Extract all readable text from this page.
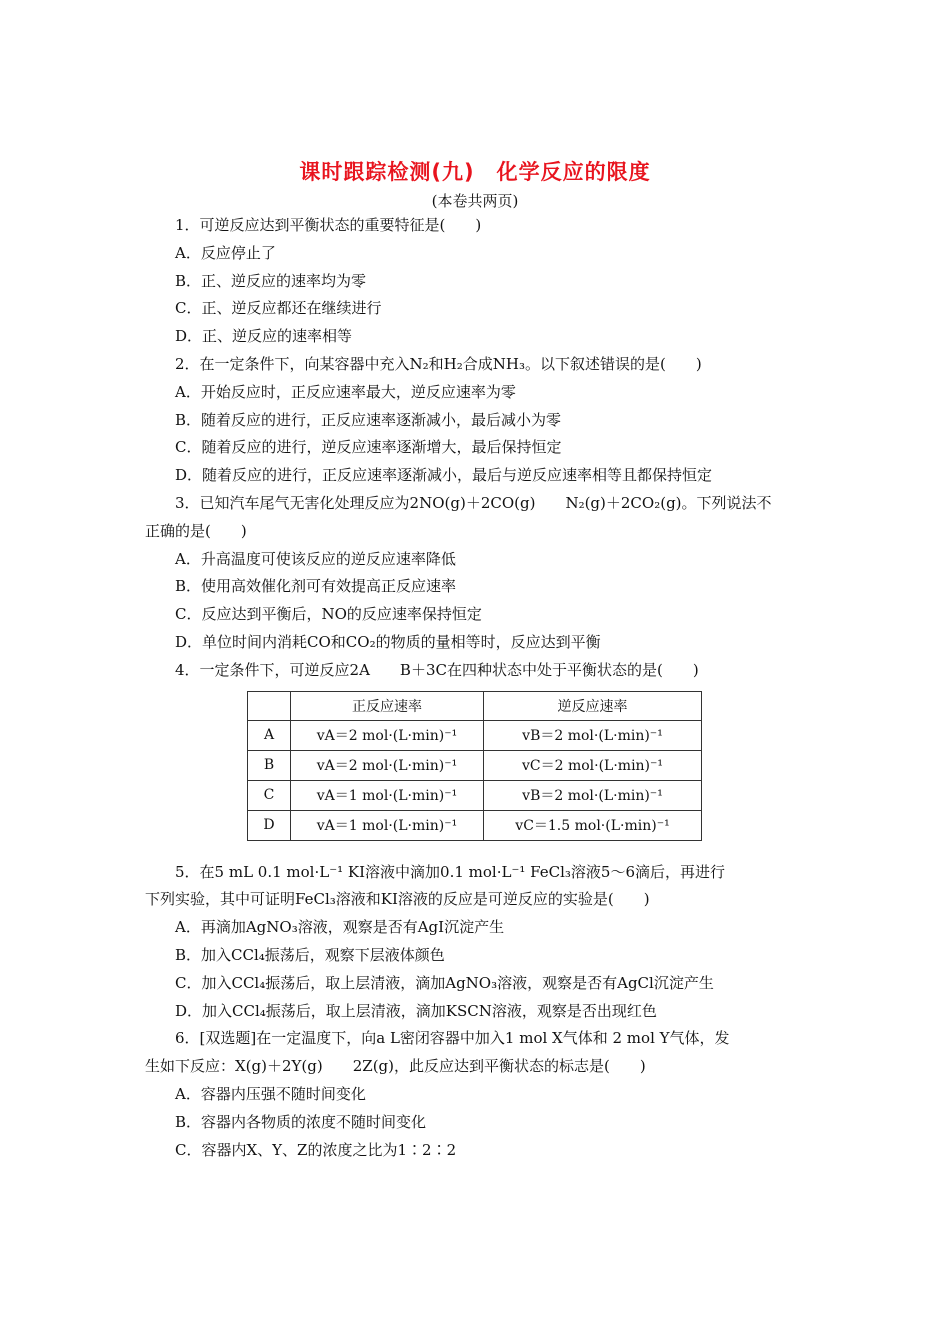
课时跟踪检测(九)　化学反应的限度
(本卷共两页)
1．可逆反应达到平衡状态的重要特征是(　　)
A．反应停止了
B．正、逆反应的速率均为零
C．正、逆反应都还在继续进行
D．正、逆反应的速率相等
2．在一定条件下，向某容器中充入N₂和H₂合成NH₃。以下叙述错误的是(　　)
A．开始反应时，正反应速率最大，逆反应速率为零
B．随着反应的进行，正反应速率逐渐减小，最后减小为零
C．随着反应的进行，逆反应速率逐渐增大，最后保持恒定
D．随着反应的进行，正反应速率逐渐减小，最后与逆反应速率相等且都保持恒定
3．已知汽车尾气无害化处理反应为2NO(g)＋2CO(g)　　N₂(g)＋2CO₂(g)。下列说法不
正确的是(　　)
A．升高温度可使该反应的逆反应速率降低
B．使用高效催化剂可有效提高正反应速率
C．反应达到平衡后，NO的反应速率保持恒定
D．单位时间内消耗CO和CO₂的物质的量相等时，反应达到平衡
4．一定条件下，可逆反应2A　　B＋3C在四种状态中处于平衡状态的是(　　)
	正反应速率	逆反应速率
A	vA＝2 mol·(L·min)⁻¹	vB＝2 mol·(L·min)⁻¹
B	vA＝2 mol·(L·min)⁻¹	vC＝2 mol·(L·min)⁻¹
C	vA＝1 mol·(L·min)⁻¹	vB＝2 mol·(L·min)⁻¹
D	vA＝1 mol·(L·min)⁻¹	vC＝1.5 mol·(L·min)⁻¹
5．在5 mL 0.1 mol·L⁻¹ KI溶液中滴加0.1 mol·L⁻¹ FeCl₃溶液5～6滴后，再进行
下列实验，其中可证明FeCl₃溶液和KI溶液的反应是可逆反应的实验是(　　)
A．再滴加AgNO₃溶液，观察是否有AgI沉淀产生
B．加入CCl₄振荡后，观察下层液体颜色
C．加入CCl₄振荡后，取上层清液，滴加AgNO₃溶液，观察是否有AgCl沉淀产生
D．加入CCl₄振荡后，取上层清液，滴加KSCN溶液，观察是否出现红色
6．[双选题]在一定温度下，向a L密闭容器中加入1 mol X气体和 2 mol Y气体，发
生如下反应：X(g)＋2Y(g)　　2Z(g)，此反应达到平衡状态的标志是(　　)
A．容器内压强不随时间变化
B．容器内各物质的浓度不随时间变化
C．容器内X、Y、Z的浓度之比为1∶2∶2
